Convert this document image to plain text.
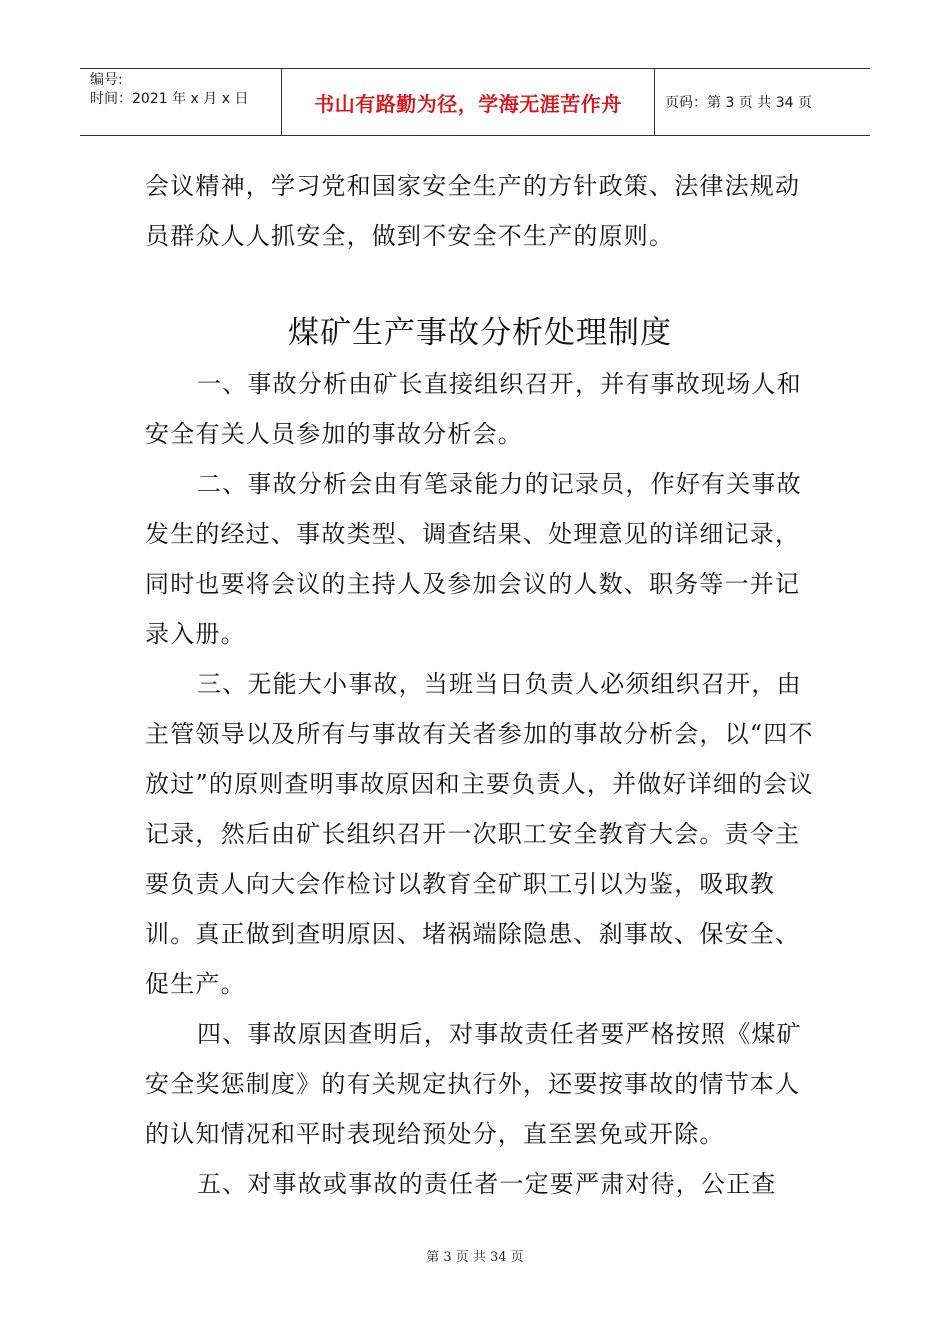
编号:
时间：2021 年 x 月 x 日	书山有路勤为径，学海无涯苦作舟	页码：第 3 页 共 34 页

会议精神，学习党和国家安全生产的方针政策、法律法规动员群众人人抓安全，做到不安全不生产的原则。

煤矿生产事故分析处理制度

一、事故分析由矿长直接组织召开，并有事故现场人和安全有关人员参加的事故分析会。

二、事故分析会由有笔录能力的记录员，作好有关事故发生的经过、事故类型、调查结果、处理意见的详细记录，同时也要将会议的主持人及参加会议的人数、职务等一并记录入册。

三、无能大小事故，当班当日负责人必须组织召开，由主管领导以及所有与事故有关者参加的事故分析会，以“四不放过”的原则查明事故原因和主要负责人，并做好详细的会议记录，然后由矿长组织召开一次职工安全教育大会。责令主要负责人向大会作检讨以教育全矿职工引以为鉴，吸取教训。真正做到查明原因、堵祸端除隐患、刹事故、保安全、促生产。

四、事故原因查明后，对事故责任者要严格按照《煤矿安全奖惩制度》的有关规定执行外，还要按事故的情节本人的认知情况和平时表现给预处分，直至罢免或开除。

五、对事故或事故的责任者一定要严肃对待，公正查

第 3 页 共 34 页
